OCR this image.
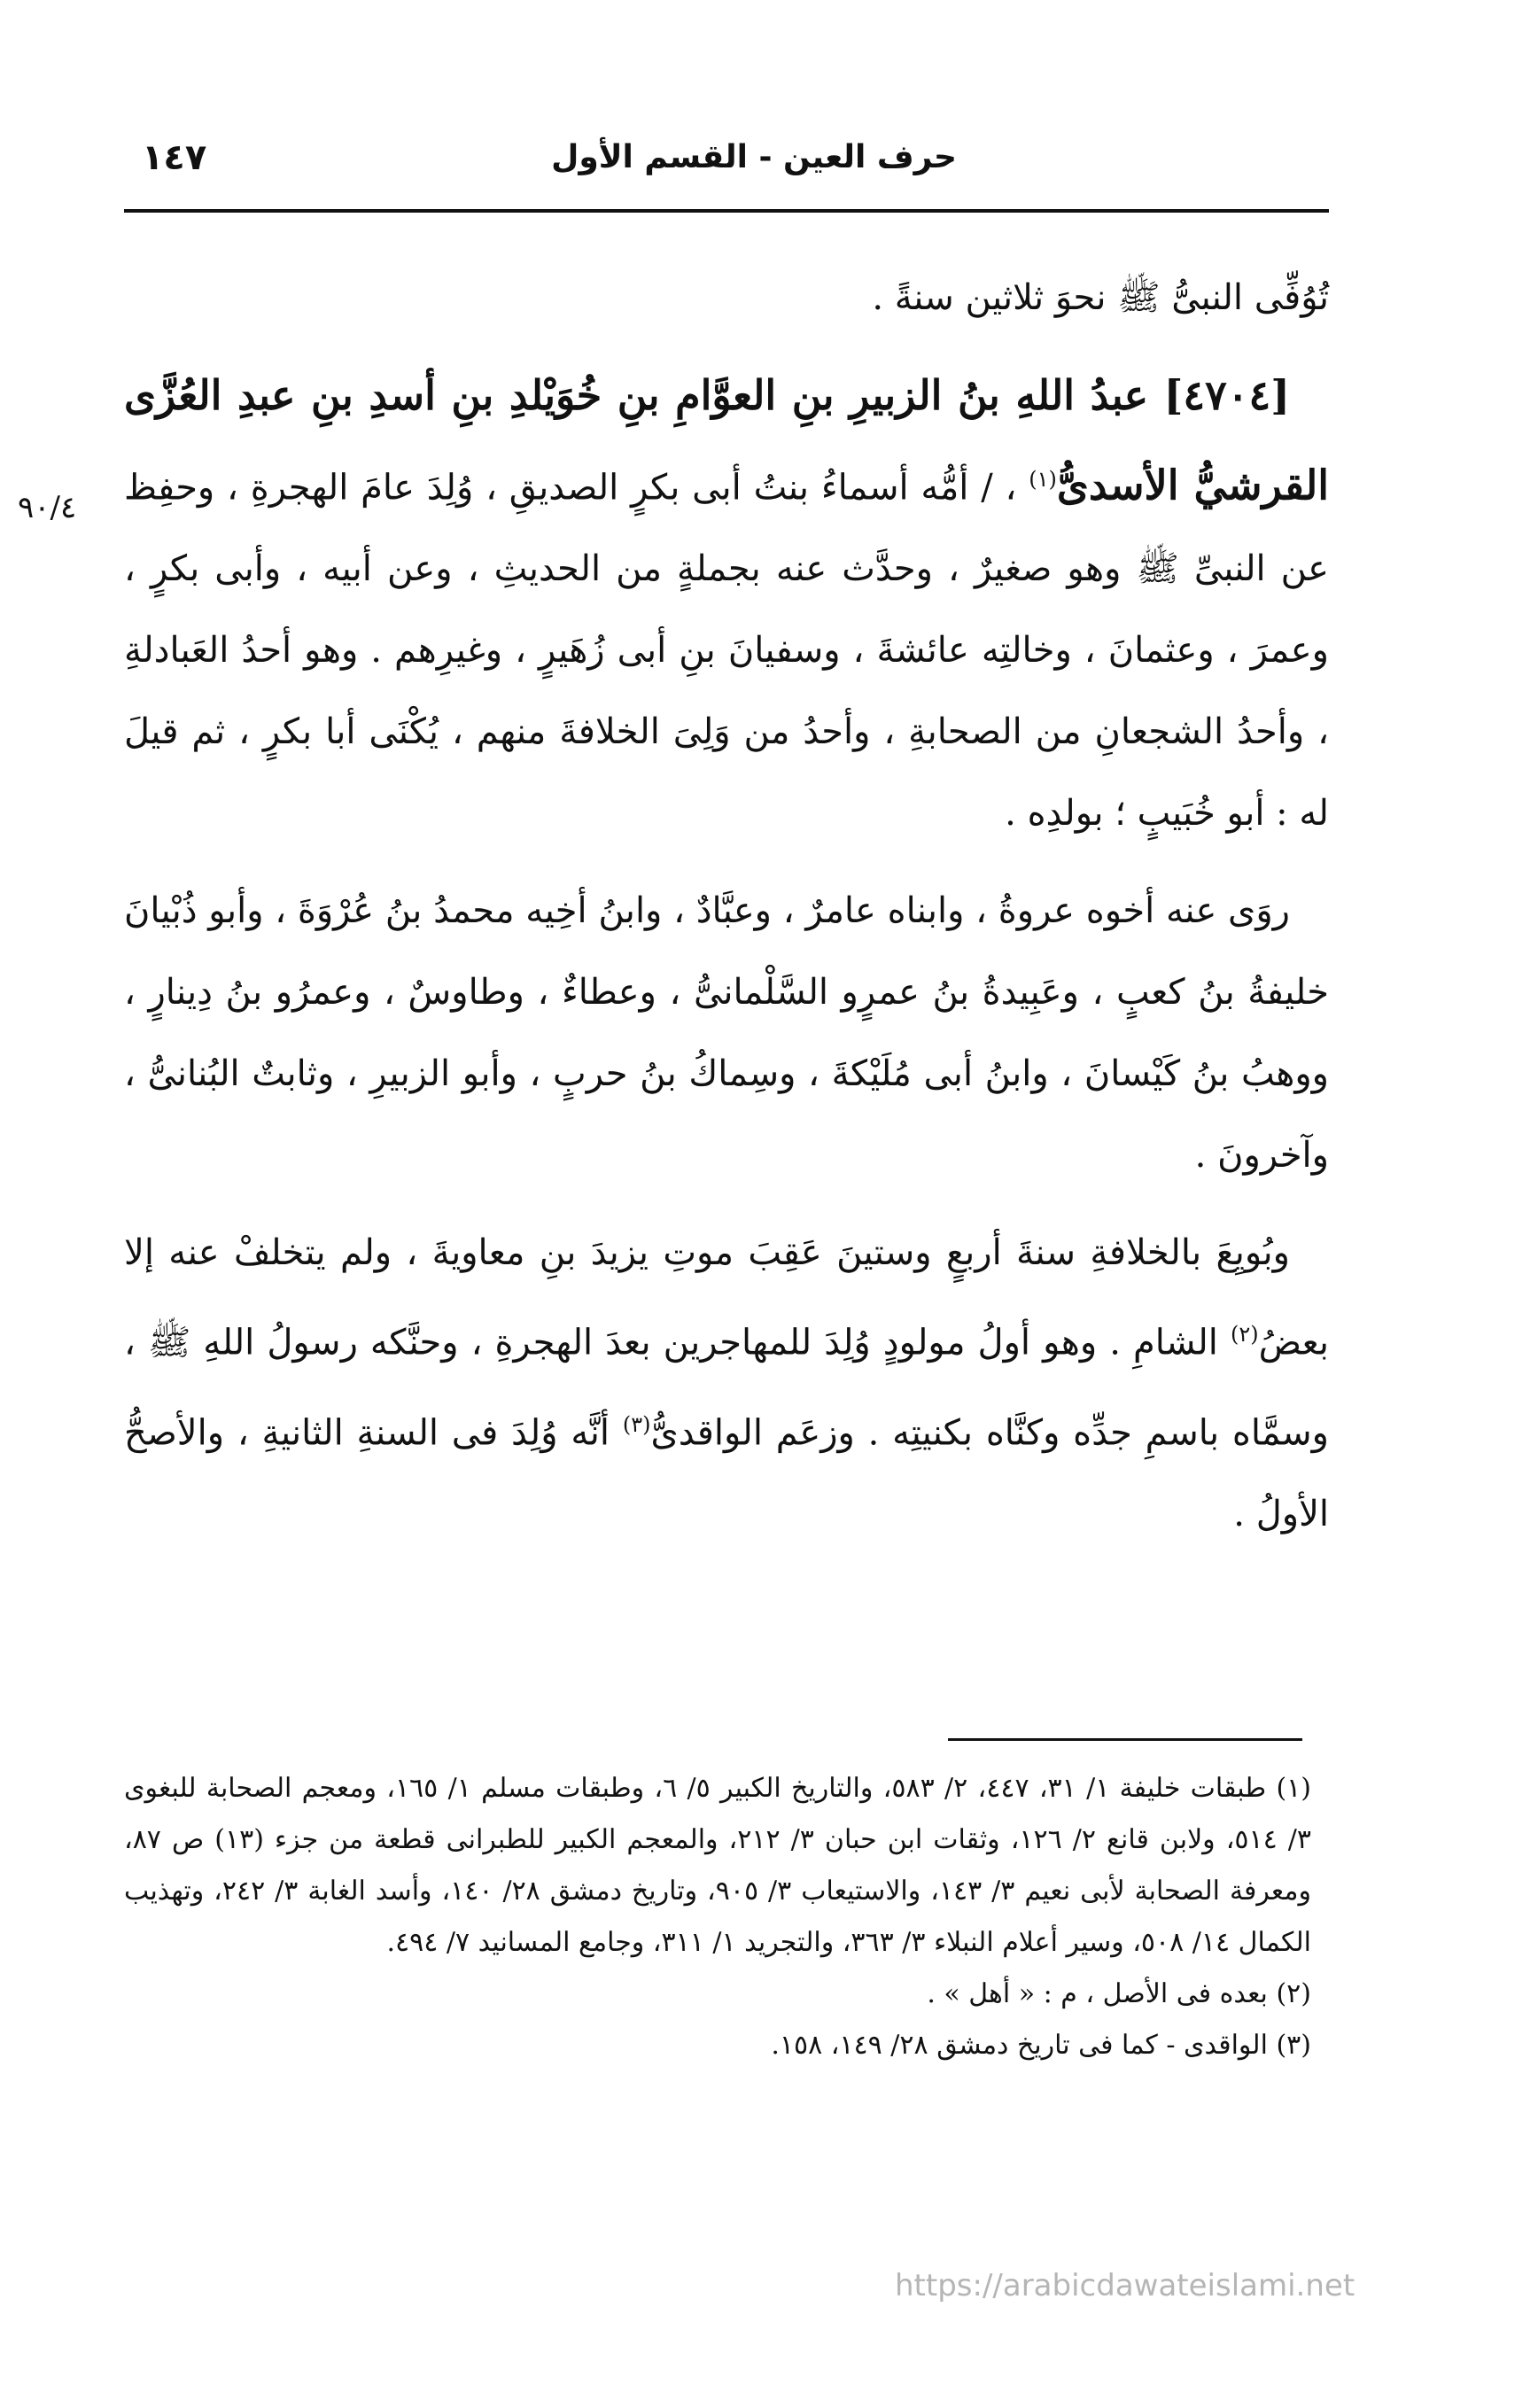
حرف العين - القسم الأول
١٤٧
٩٠/٤

تُوُفِّى النبىُّ ﷺ نحوَ ثلاثين سنةً .

[٤٧٠٤] عبدُ اللهِ بنُ الزبيرِ بنِ العوَّامِ بنِ خُوَيْلدِ بنِ أسدِ بنِ عبدِ العُزَّى القرشيُّ الأسدىُّ$^{(١)}$ ، / أمُّه أسماءُ بنتُ أبى بكرٍ الصديقِ ، وُلِدَ عامَ الهجرةِ ، وحفِظ عن النبىِّ ﷺ وهو صغيرٌ ، وحدَّث عنه بجملةٍ من الحديثِ ، وعن أبيه ، وأبى بكرٍ ، وعمرَ ، وعثمانَ ، وخالتِه عائشةَ ، وسفيانَ بنِ أبى زُهَيرٍ ، وغيرِهم . وهو أحدُ العَبادلةِ ، وأحدُ الشجعانِ من الصحابةِ ، وأحدُ من وَلِىَ الخلافةَ منهم ، يُكْنَى أبا بكرٍ ، ثم قيلَ له : أبو خُبَيبٍ ؛ بولدِه .

روَى عنه أخوه عروةُ ، وابناه عامرٌ ، وعبَّادٌ ، وابنُ أخِيه محمدُ بنُ عُرْوَةَ ، وأبو ذُبْيانَ خليفةُ بنُ كعبٍ ، وعَبِيدةُ بنُ عمرٍو السَّلْمانىُّ ، وعطاءٌ ، وطاوسٌ ، وعمرُو بنُ دِينارٍ ، ووهبُ بنُ كَيْسانَ ، وابنُ أبى مُلَيْكةَ ، وسِماكُ بنُ حربٍ ، وأبو الزبيرِ ، وثابتٌ البُنانىُّ ، وآخرونَ .

وبُويِعَ بالخلافةِ سنةَ أربعٍ وستينَ عَقِبَ موتِ يزيدَ بنِ معاويةَ ، ولم يتخلفْ عنه إلا بعضُ$^{(٢)}$ الشامِ . وهو أولُ مولودٍ وُلِدَ للمهاجرين بعدَ الهجرةِ ، وحنَّكه رسولُ اللهِ ﷺ ، وسمَّاه باسمِ جدِّه وكنَّاه بكنيتِه . وزعَم الواقدىُّ$^{(٣)}$ أنَّه وُلِدَ فى السنةِ الثانيةِ ، والأصحُّ الأولُ .

(١) طبقات خليفة ١/ ٣١، ٤٤٧، ٢/ ٥٨٣، والتاريخ الكبير ٥/ ٦، وطبقات مسلم ١/ ١٦٥، ومعجم الصحابة للبغوى ٣/ ٥١٤، ولابن قانع ٢/ ١٢٦، وثقات ابن حبان ٣/ ٢١٢، والمعجم الكبير للطبرانى قطعة من جزء (١٣) ص ٨٧، ومعرفة الصحابة لأبى نعيم ٣/ ١٤٣، والاستيعاب ٣/ ٩٠٥، وتاريخ دمشق ٢٨/ ١٤٠، وأسد الغابة ٣/ ٢٤٢، وتهذيب الكمال ١٤/ ٥٠٨، وسير أعلام النبلاء ٣/ ٣٦٣، والتجريد ١/ ٣١١، وجامع المسانيد ٧/ ٤٩٤.

(٢) بعده فى الأصل ، م : « أهل » .

(٣) الواقدى - كما فى تاريخ دمشق ٢٨/ ١٤٩، ١٥٨.

https://arabicdawateislami.net
